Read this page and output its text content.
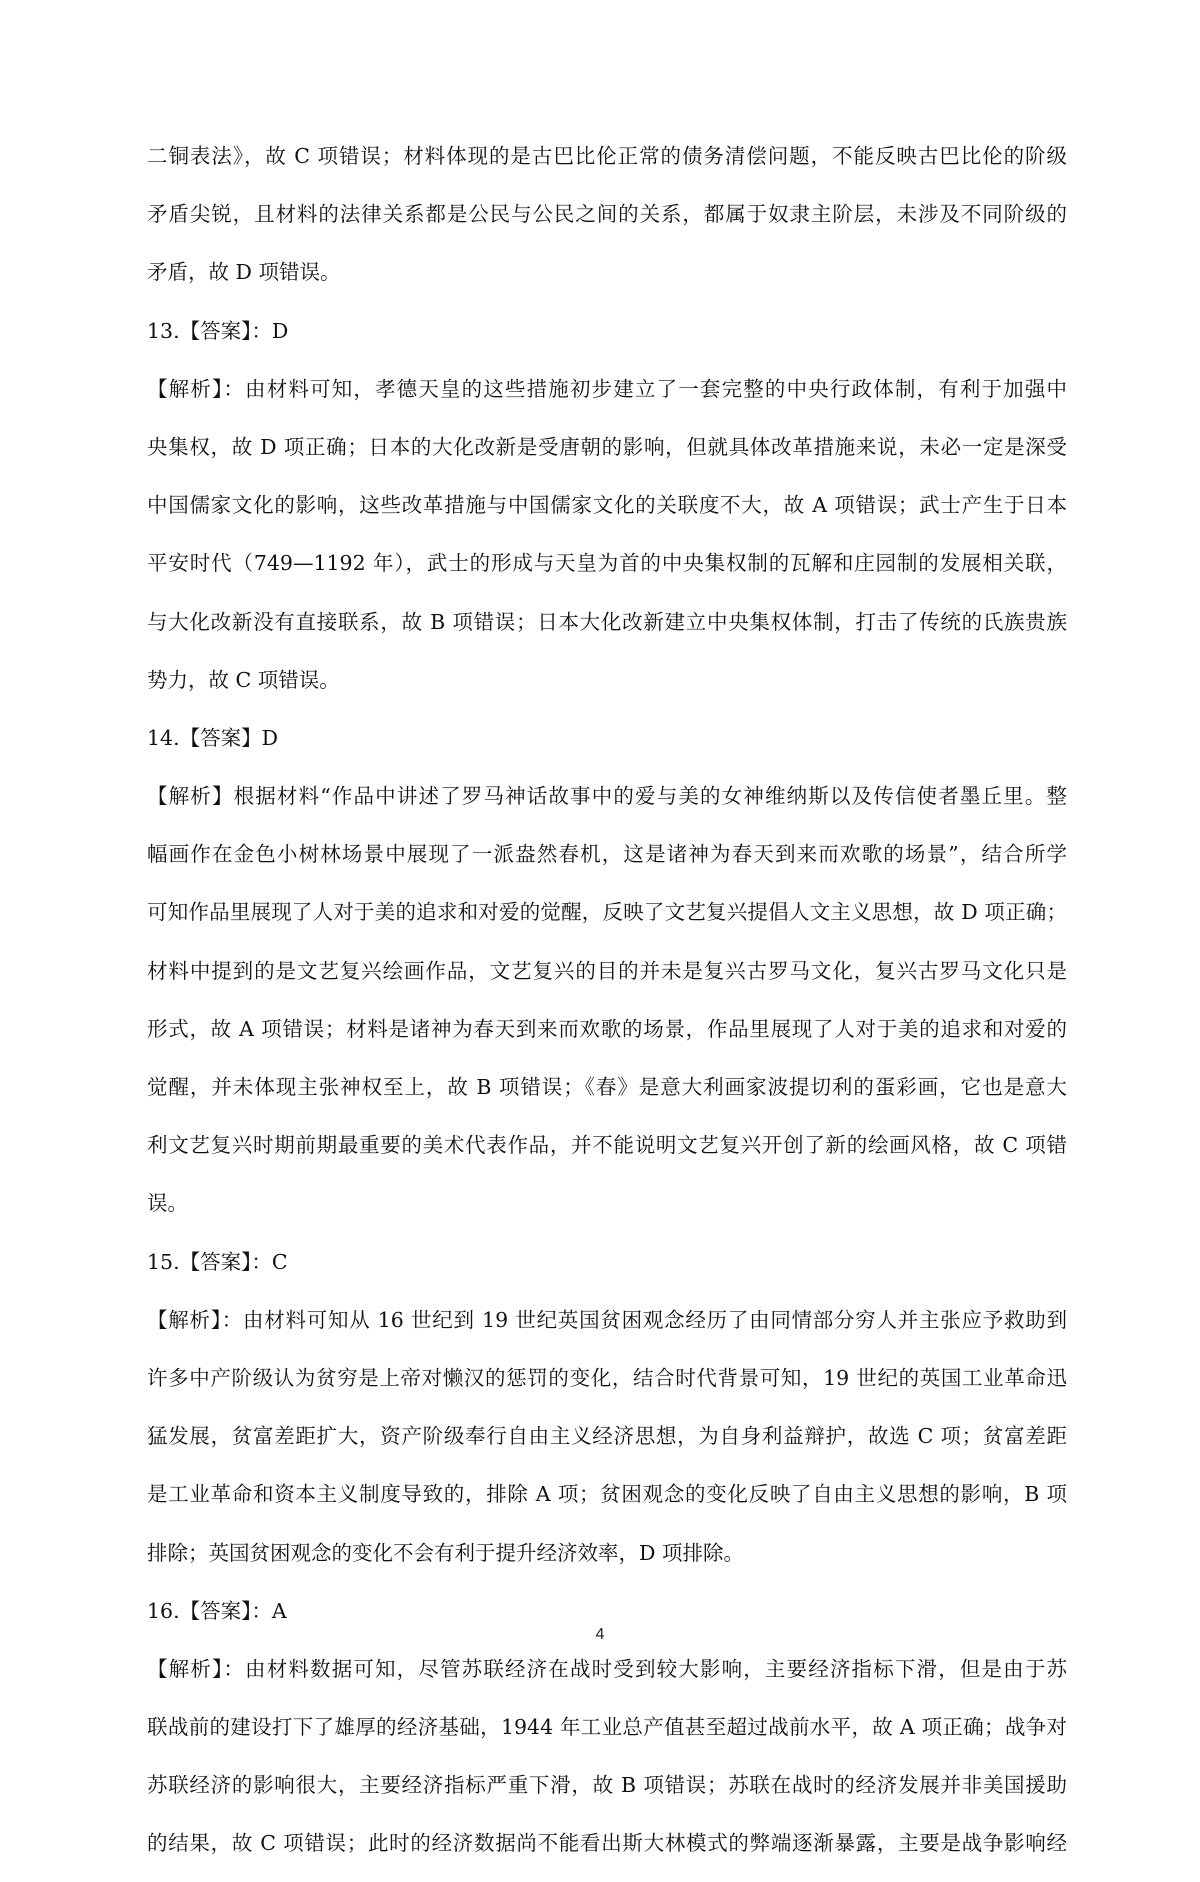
二铜表法》，故 C 项错误；材料体现的是古巴比伦正常的债务清偿问题，不能反映古巴比伦的阶级
矛盾尖锐，且材料的法律关系都是公民与公民之间的关系，都属于奴隶主阶层，未涉及不同阶级的
矛盾，故 D 项错误。
13.【答案】：D
【解析】：由材料可知，孝德天皇的这些措施初步建立了一套完整的中央行政体制，有利于加强中
央集权，故 D 项正确；日本的大化改新是受唐朝的影响，但就具体改革措施来说，未必一定是深受
中国儒家文化的影响，这些改革措施与中国儒家文化的关联度不大，故 A 项错误；武士产生于日本
平安时代（749—1192 年），武士的形成与天皇为首的中央集权制的瓦解和庄园制的发展相关联，
与大化改新没有直接联系，故 B 项错误；日本大化改新建立中央集权体制，打击了传统的氏族贵族
势力，故 C 项错误。
14.【答案】D
【解析】根据材料“作品中讲述了罗马神话故事中的爱与美的女神维纳斯以及传信使者墨丘里。整
幅画作在金色小树林场景中展现了一派盎然春机，这是诸神为春天到来而欢歌的场景”，结合所学
可知作品里展现了人对于美的追求和对爱的觉醒，反映了文艺复兴提倡人文主义思想，故 D 项正确；
材料中提到的是文艺复兴绘画作品，文艺复兴的目的并未是复兴古罗马文化，复兴古罗马文化只是
形式，故 A 项错误；材料是诸神为春天到来而欢歌的场景，作品里展现了人对于美的追求和对爱的
觉醒，并未体现主张神权至上，故 B 项错误；《春》是意大利画家波提切利的蛋彩画，它也是意大
利文艺复兴时期前期最重要的美术代表作品，并不能说明文艺复兴开创了新的绘画风格，故 C 项错
误。
15.【答案】：C
【解析】：由材料可知从 16 世纪到 19 世纪英国贫困观念经历了由同情部分穷人并主张应予救助到
许多中产阶级认为贫穷是上帝对懒汉的惩罚的变化，结合时代背景可知，19 世纪的英国工业革命迅
猛发展，贫富差距扩大，资产阶级奉行自由主义经济思想，为自身利益辩护，故选 C 项；贫富差距
是工业革命和资本主义制度导致的，排除 A 项；贫困观念的变化反映了自由主义思想的影响，B 项
排除；英国贫困观念的变化不会有利于提升经济效率，D 项排除。
16.【答案】：A
【解析】：由材料数据可知，尽管苏联经济在战时受到较大影响，主要经济指标下滑，但是由于苏
联战前的建设打下了雄厚的经济基础，1944 年工业总产值甚至超过战前水平，故 A 项正确；战争对
苏联经济的影响很大，主要经济指标严重下滑，故 B 项错误；苏联在战时的经济发展并非美国援助
的结果，故 C 项错误；此时的经济数据尚不能看出斯大林模式的弊端逐渐暴露，主要是战争影响经
4
